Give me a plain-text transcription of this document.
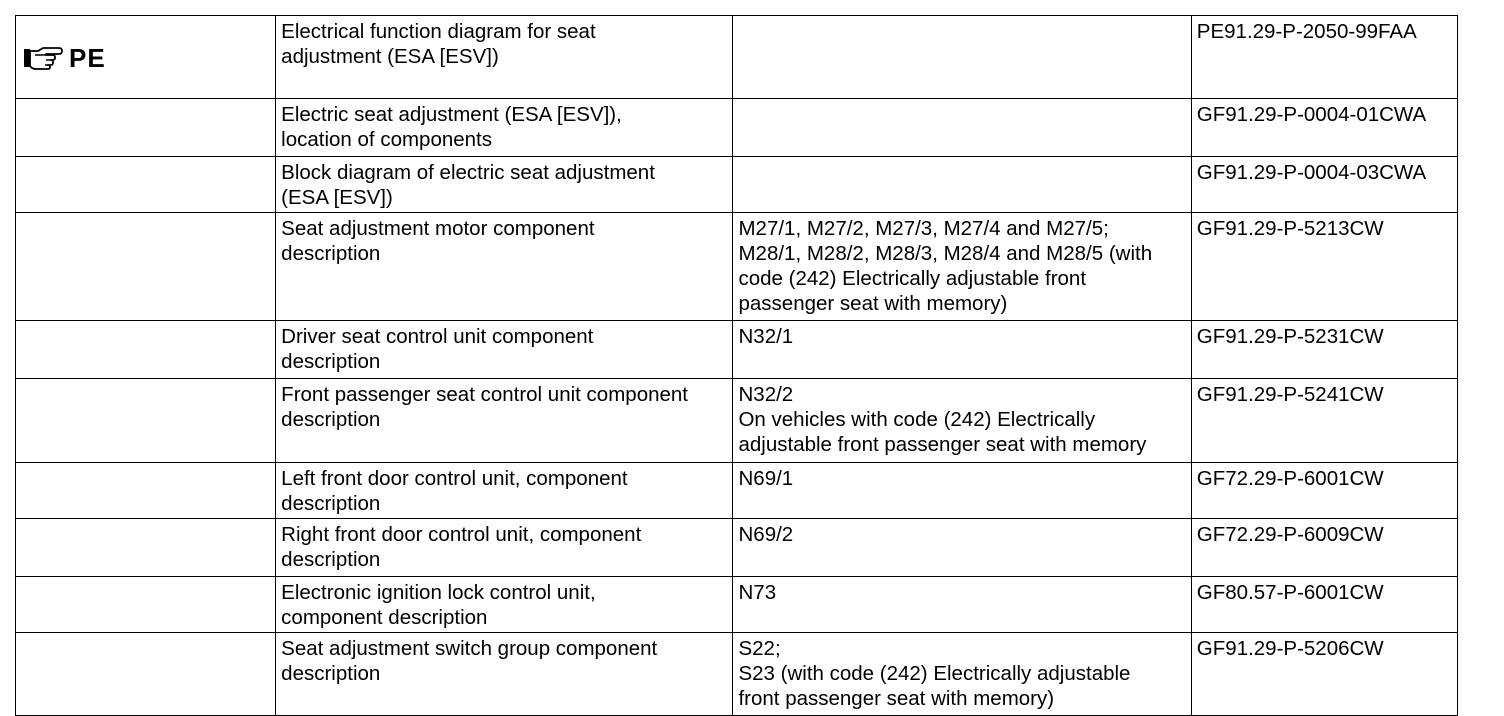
PE	Electrical function diagram for seat
adjustment (ESA [ESV])		PE91.29-P-2050-99FAA
	Electric seat adjustment (ESA [ESV]),
location of components		GF91.29-P-0004-01CWA
	Block diagram of electric seat adjustment
(ESA [ESV])		GF91.29-P-0004-03CWA
	Seat adjustment motor component
description	M27/1, M27/2, M27/3, M27/4 and M27/5;
M28/1, M28/2, M28/3, M28/4 and M28/5 (with
code (242) Electrically adjustable front
passenger seat with memory)	GF91.29-P-5213CW
	Driver seat control unit component
description	N32/1	GF91.29-P-5231CW
	Front passenger seat control unit component
description	N32/2
On vehicles with code (242) Electrically
adjustable front passenger seat with memory	GF91.29-P-5241CW
	Left front door control unit, component
description	N69/1	GF72.29-P-6001CW
	Right front door control unit, component
description	N69/2	GF72.29-P-6009CW
	Electronic ignition lock control unit,
component description	N73	GF80.57-P-6001CW
	Seat adjustment switch group component
description	S22;
S23 (with code (242) Electrically adjustable
front passenger seat with memory)	GF91.29-P-5206CW
